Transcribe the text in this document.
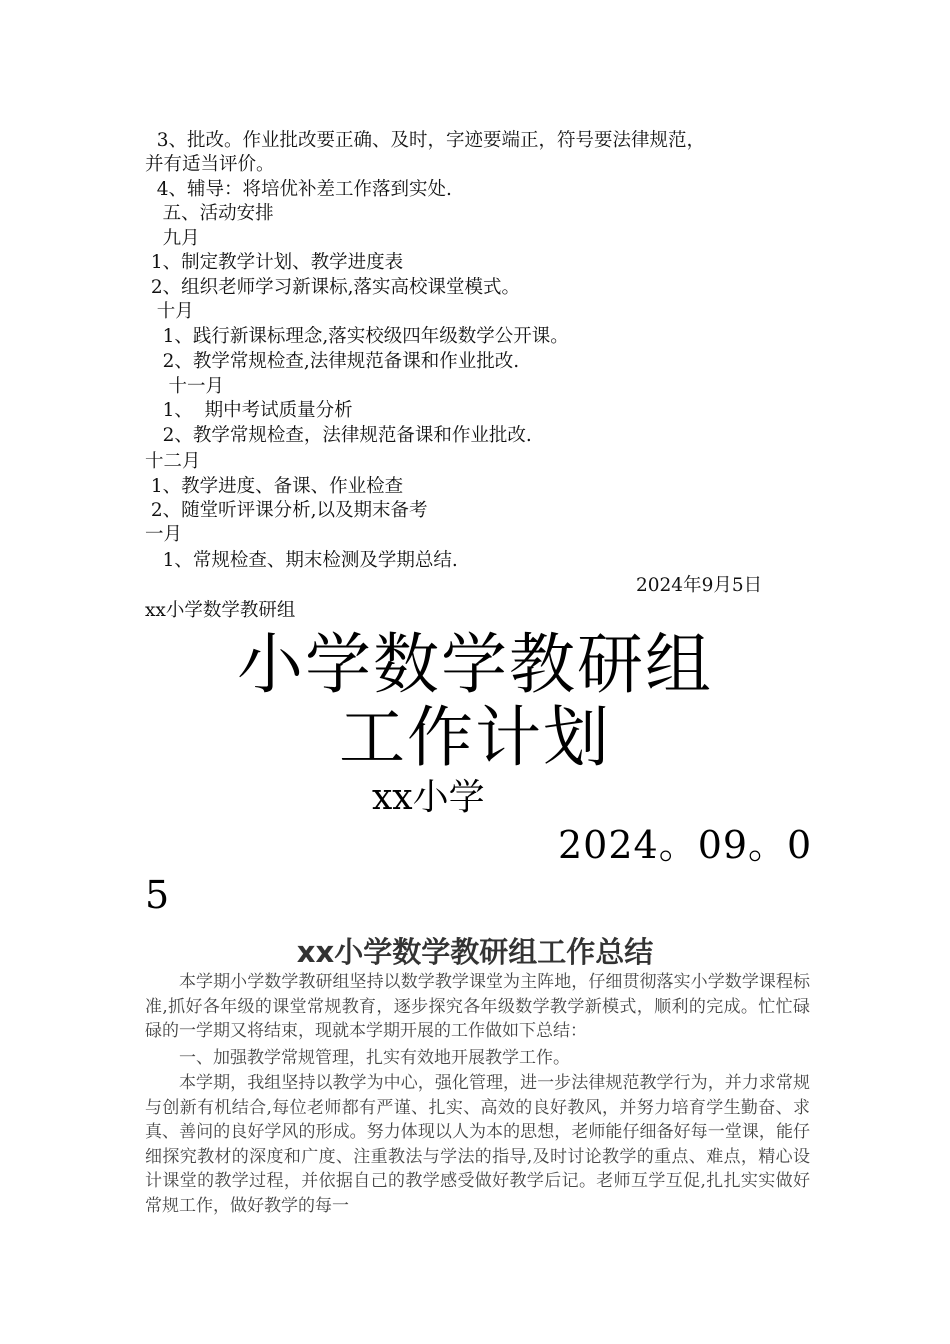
3、批改。作业批改要正确、及时，字迹要端正，符号要法律规范，
并有适当评价。
4、辅导：将培优补差工作落到实处.
五、活动安排
九月
1、制定教学计划、教学进度表
2、组织老师学习新课标,落实高校课堂模式。
十月
1、践行新课标理念,落实校级四年级数学公开课。
2、教学常规检查,法律规范备课和作业批改.
十一月
1、  期中考试质量分析
2、教学常规检查，法律规范备课和作业批改.
十二月
1、教学进度、备课、作业检查
2、随堂听评课分析,以及期末备考
一月
1、常规检查、期末检测及学期总结.
2024年9月5日
xx小学数学教研组
小学数学教研组
工作计划
xx小学
2024。09。0
5
xx小学数学教研组工作总结
本学期小学数学教研组坚持以数学教学课堂为主阵地，仔细贯彻落实小学数学课程标准,抓好各年级的课堂常规教育，逐步探究各年级数学教学新模式，顺利的完成。忙忙碌碌的一学期又将结束，现就本学期开展的工作做如下总结：
一、加强教学常规管理，扎实有效地开展教学工作。
本学期，我组坚持以教学为中心，强化管理，进一步法律规范教学行为，并力求常规与创新有机结合,每位老师都有严谨、扎实、高效的良好教风，并努力培育学生勤奋、求真、善问的良好学风的形成。努力体现以人为本的思想，老师能仔细备好每一堂课，能仔细探究教材的深度和广度、注重教法与学法的指导,及时讨论教学的重点、难点，精心设计课堂的教学过程，并依据自己的教学感受做好教学后记。老师互学互促,扎扎实实做好常规工作，做好教学的每一
